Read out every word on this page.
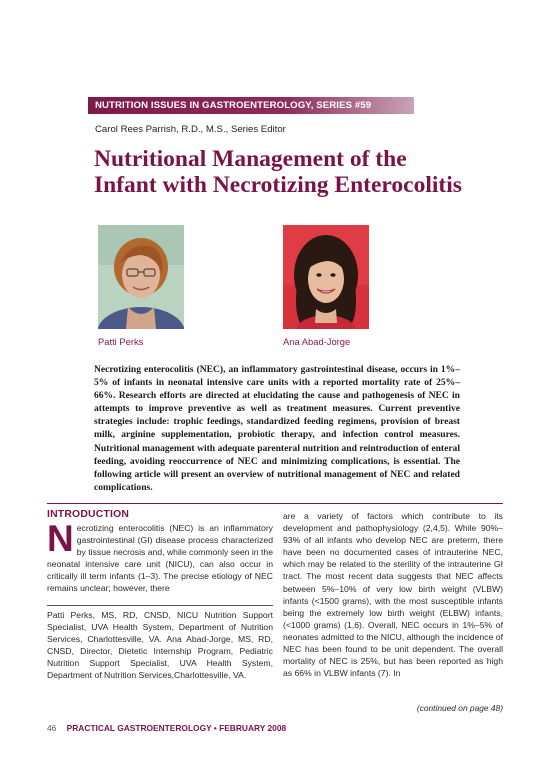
NUTRITION ISSUES IN GASTROENTEROLOGY, SERIES #59
Carol Rees Parrish, R.D., M.S., Series Editor
Nutritional Management of the
Infant with Necrotizing Enterocolitis
Patti Perks	Ana Abad-Jorge

Necrotizing enterocolitis (NEC), an inflammatory gastrointestinal disease, occurs in 1%–5% of infants in neonatal intensive care units with a reported mortality rate of 25%–66%. Research efforts are directed at elucidating the cause and pathogenesis of NEC in attempts to improve preventive as well as treatment measures. Current preventive strategies include: trophic feedings, standardized feeding regimens, provision of breast milk, arginine supplementation, probiotic therapy, and infection control measures. Nutritional management with adequate parenteral nutrition and reintroduction of enteral feeding, avoiding reoccurrence of NEC and minimizing complications, is essential. The following article will present an overview of nutritional management of NEC and related complications.

INTRODUCTION
N ecrotizing enterocolitis (NEC) is an inflammatory gastrointestinal (GI) disease process characterized by tissue necrosis and, while commonly seen in the neonatal intensive care unit (NICU), can also occur in critically ill term infants (1–3). The precise etiology of NEC remains unclear; however, there

Patti Perks, MS, RD, CNSD, NICU Nutrition Support Specialist, UVA Health System, Department of Nutrition Services, Charlottesville, VA. Ana Abad-Jorge, MS, RD, CNSD, Director, Dietetic Internship Program, Pediatric Nutrition Support Specialist, UVA Health System, Department of Nutrition Services,Charlottesville, VA.

are a variety of factors which contribute to its development and pathophysiology (2,4,5). While 90%–93% of all infants who develop NEC are preterm, there have been no documented cases of intrauterine NEC, which may be related to the sterility of the intrauterine GI tract. The most recent data suggests that NEC affects between 5%–10% of very low birth weight (VLBW) infants (<1500 grams), with the most susceptible infants being the extremely low birth weight (ELBW) infants, (<1000 grams) (1,6). Overall, NEC occurs in 1%–5% of neonates admitted to the NICU, although the incidence of NEC has been found to be unit dependent. The overall mortality of NEC is 25%, but has been reported as high as 66% in VLBW infants (7). In

(continued on page 48)
46 PRACTICAL GASTROENTEROLOGY • FEBRUARY 2008
